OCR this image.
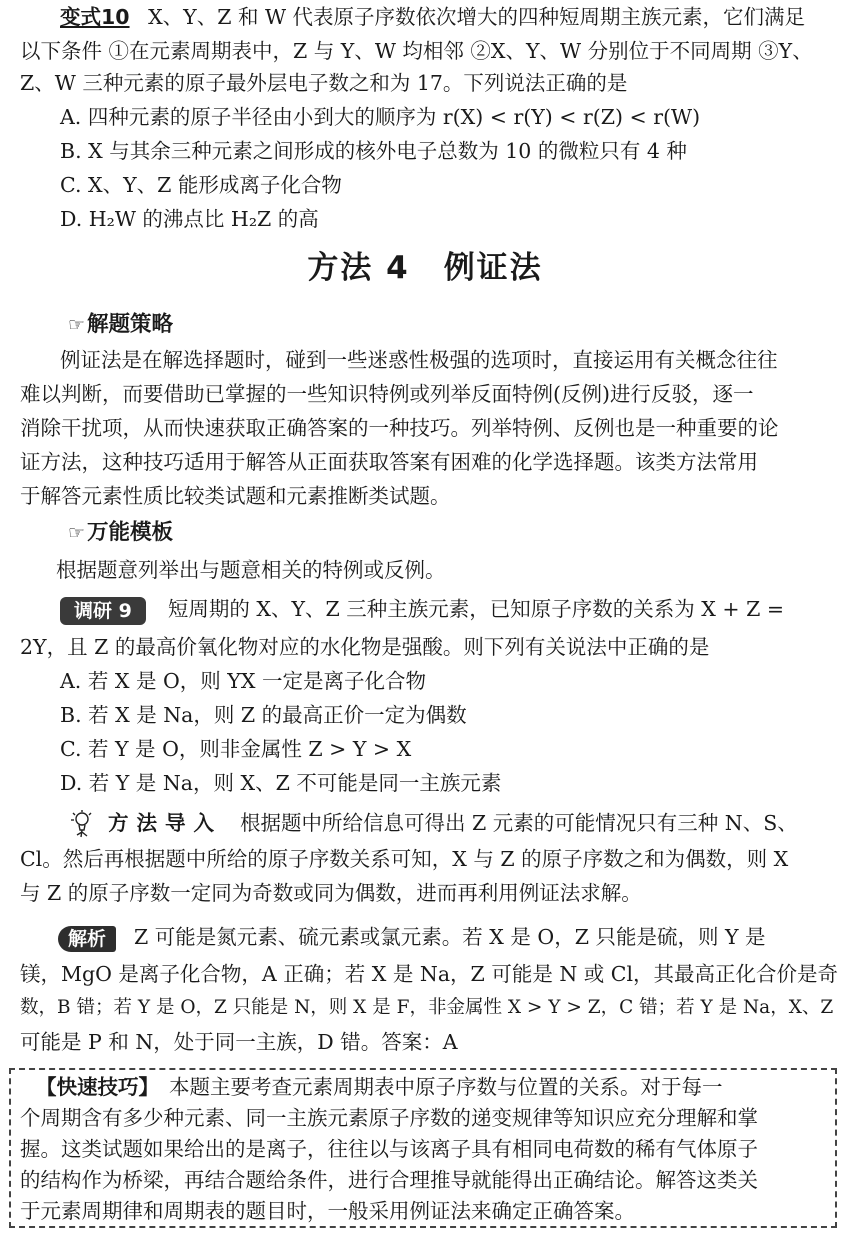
变式10 X、Y、Z 和 W 代表原子序数依次增大的四种短周期主族元素，它们满足
以下条件 ①在元素周期表中，Z 与 Y、W 均相邻 ②X、Y、W 分别位于不同周期 ③Y、
Z、W 三种元素的原子最外层电子数之和为 17。下列说法正确的是
A. 四种元素的原子半径由小到大的顺序为 r(X) < r(Y) < r(Z) < r(W)
B. X 与其余三种元素之间形成的核外电子总数为 10 的微粒只有 4 种
C. X、Y、Z 能形成离子化合物
D. H₂W 的沸点比 H₂Z 的高
方法 4 例证法
☞解题策略
例证法是在解选择题时，碰到一些迷惑性极强的选项时，直接运用有关概念往往
难以判断，而要借助已掌握的一些知识特例或列举反面特例(反例)进行反驳，逐一
消除干扰项，从而快速获取正确答案的一种技巧。列举特例、反例也是一种重要的论
证方法，这种技巧适用于解答从正面获取答案有困难的化学选择题。该类方法常用
于解答元素性质比较类试题和元素推断类试题。
☞万能模板
根据题意列举出与题意相关的特例或反例。
调研 9 短周期的 X、Y、Z 三种主族元素，已知原子序数的关系为 X + Z =
2Y，且 Z 的最高价氧化物对应的水化物是强酸。则下列有关说法中正确的是
A. 若 X 是 O，则 YX 一定是离子化合物
B. 若 X 是 Na，则 Z 的最高正价一定为偶数
C. 若 Y 是 O，则非金属性 Z > Y > X
D. 若 Y 是 Na，则 X、Z 不可能是同一主族元素
方法导入 根据题中所给信息可得出 Z 元素的可能情况只有三种 N、S、
Cl。然后再根据题中所给的原子序数关系可知，X 与 Z 的原子序数之和为偶数，则 X
与 Z 的原子序数一定同为奇数或同为偶数，进而再利用例证法求解。
解析 Z 可能是氮元素、硫元素或氯元素。若 X 是 O，Z 只能是硫，则 Y 是
镁，MgO 是离子化合物，A 正确；若 X 是 Na，Z 可能是 N 或 Cl，其最高正化合价是奇
数，B 错；若 Y 是 O，Z 只能是 N，则 X 是 F，非金属性 X > Y > Z，C 错；若 Y 是 Na，X、Z
可能是 P 和 N，处于同一主族，D 错。答案：A
【快速技巧】 本题主要考查元素周期表中原子序数与位置的关系。对于每一
个周期含有多少种元素、同一主族元素原子序数的递变规律等知识应充分理解和掌
握。这类试题如果给出的是离子，往往以与该离子具有相同电荷数的稀有气体原子
的结构作为桥梁，再结合题给条件，进行合理推导就能得出正确结论。解答这类关
于元素周期律和周期表的题目时，一般采用例证法来确定正确答案。
